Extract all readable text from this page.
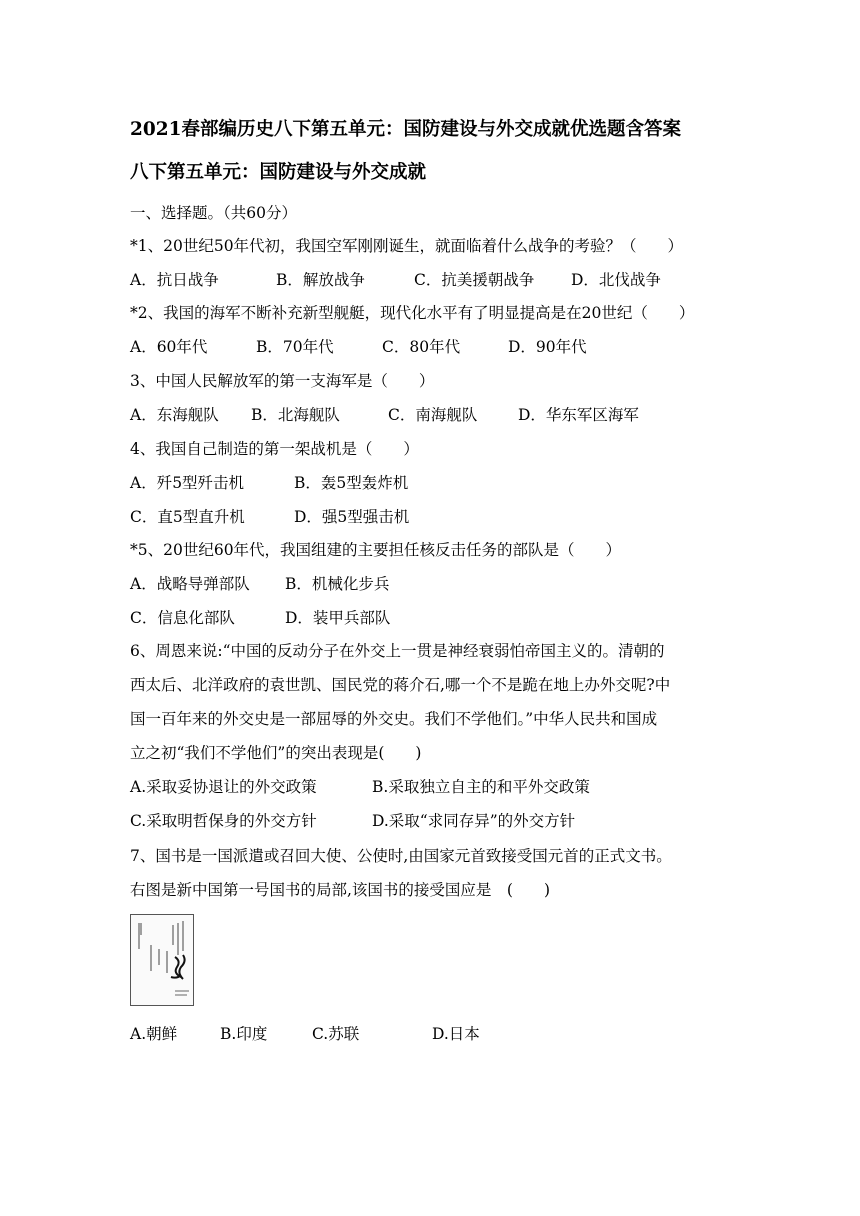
2021春部编历史八下第五单元：国防建设与外交成就优选题含答案
八下第五单元：国防建设与外交成就
一、选择题。（共60分）
*1、20世纪50年代初，我国空军刚刚诞生，就面临着什么战争的考验？（　　）
A．抗日战争	B．解放战争	C．抗美援朝战争 D．北伐战争
*2、我国的海军不断补充新型舰艇，现代化水平有了明显提高是在20世纪（　　）
A．60年代	B．70年代	C．80年代	D．90年代
3、中国人民解放军的第一支海军是（　　）
A．东海舰队 B．北海舰队	C．南海舰队	D．华东军区海军
4、我国自己制造的第一架战机是（　　）
A．歼5型歼击机	B．轰5型轰炸机
C．直5型直升机	D．强5型强击机
*5、20世纪60年代，我国组建的主要担任核反击任务的部队是（　　）
A．战略导弹部队 B．机械化步兵
C．信息化部队	D．装甲兵部队
6、周恩来说:“中国的反动分子在外交上一贯是神经衰弱怕帝国主义的。清朝的
西太后、北洋政府的袁世凯、国民党的蒋介石,哪一个不是跪在地上办外交呢?中
国一百年来的外交史是一部屈辱的外交史。我们不学他们。”中华人民共和国成
立之初“我们不学他们”的突出表现是(　　)
A.采取妥协退让的外交政策	B.采取独立自主的和平外交政策
C.采取明哲保身的外交方针	D.采取“求同存异”的外交方针
7、国书是一国派遣或召回大使、公使时,由国家元首致接受国元首的正式文书。
右图是新中国第一号国书的局部,该国书的接受国应是　(　　)
A.朝鲜	B.印度	C.苏联	D.日本
